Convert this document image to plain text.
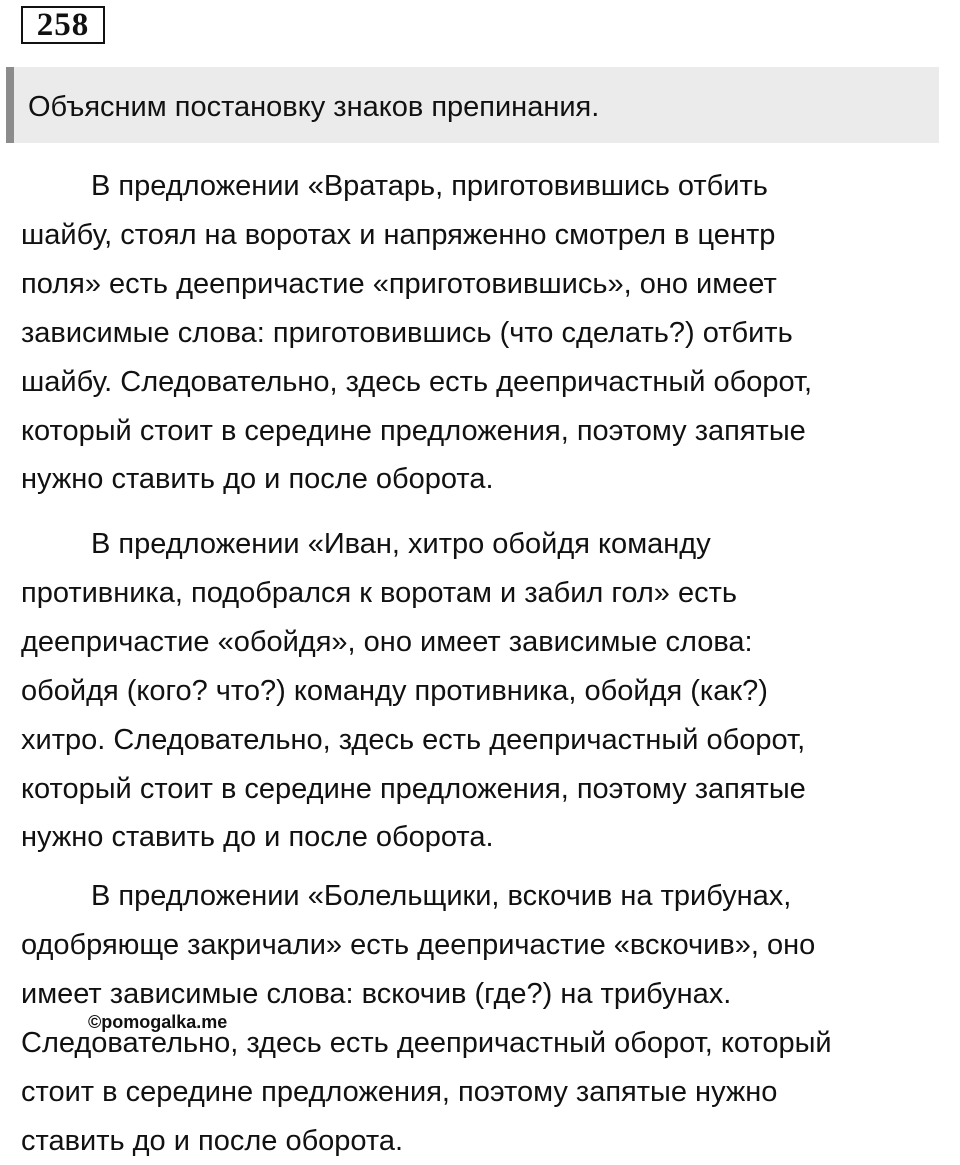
258
Объясним постановку знаков препинания.

В предложении «Вратарь, приготовившись отбить
шайбу, стоял на воротах и напряженно смотрел в центр
поля» есть деепричастие «приготовившись», оно имеет
зависимые слова: приготовившись (что сделать?) отбить
шайбу. Следовательно, здесь есть деепричастный оборот,
который стоит в середине предложения, поэтому запятые
нужно ставить до и после оборота.

В предложении «Иван, хитро обойдя команду
противника, подобрался к воротам и забил гол» есть
деепричастие «обойдя», оно имеет зависимые слова:
обойдя (кого? что?) команду противника, обойдя (как?)
хитро. Следовательно, здесь есть деепричастный оборот,
который стоит в середине предложения, поэтому запятые
нужно ставить до и после оборота.

В предложении «Болельщики, вскочив на трибунах,
одобряюще закричали» есть деепричастие «вскочив», оно
имеет зависимые слова: вскочив (где?) на трибунах.
Следовательно, здесь есть деепричастный оборот, который
стоит в середине предложения, поэтому запятые нужно
ставить до и после оборота.

©pomogalka.me
